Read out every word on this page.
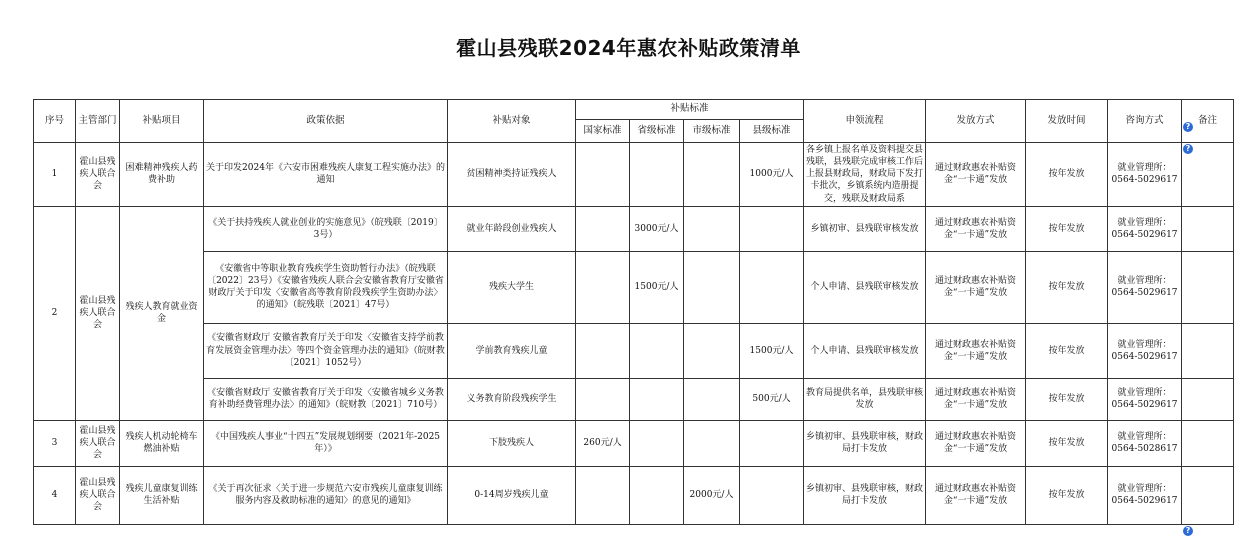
霍山县残联2024年惠农补贴政策清单
序号	主管部门	补贴项目	政策依据	补贴对象	补贴标准				申领流程	发放方式	发放时间	咨询方式	备注
					国家标准	省级标准	市级标准	县级标准					
1	霍山县残疾人联合会	困难精神残疾人药费补助	关于印发2024年《六安市困难残疾人康复工程实施办法》的通知	贫困精神类持证残疾人				1000元/人	各乡镇上报名单及资料提交县残联，县残联完成审核工作后上报县财政局，财政局下发打卡批次，乡镇系统内造册提交，残联及财政局系	通过财政惠农补贴资金“一卡通”发放	按年发放	就业管理所：0564-5029617	
2	霍山县残疾人联合会	残疾人教育就业资金	《关于扶持残疾人就业创业的实施意见》（皖残联〔2019〕3号）	就业年龄段创业残疾人		3000元/人			乡镇初审、县残联审核发放	通过财政惠农补贴资金“一卡通”发放	按年发放	就业管理所：0564-5029617	
			《安徽省中等职业教育残疾学生资助暂行办法》（皖残联〔2022〕23号）《安徽省残疾人联合会安徽省教育厅安徽省财政厅关于印发〈安徽省高等教育阶段残疾学生资助办法〉的通知》（皖残联〔2021〕47号）	残疾大学生		1500元/人			个人申请、县残联审核发放	通过财政惠农补贴资金“一卡通”发放	按年发放	就业管理所：0564-5029617	
			《安徽省财政厅 安徽省教育厅关于印发〈安徽省支持学前教育发展资金管理办法〉等四个资金管理办法的通知》（皖财教〔2021〕1052号）	学前教育残疾儿童				1500元/人	个人申请、县残联审核发放	通过财政惠农补贴资金“一卡通”发放	按年发放	就业管理所：0564-5029617	
			《安徽省财政厅 安徽省教育厅关于印发〈安徽省城乡义务教育补助经费管理办法〉的通知》（皖财教〔2021〕710号）	义务教育阶段残疾学生				500元/人	教育局提供名单，县残联审核发放	通过财政惠农补贴资金“一卡通”发放	按年发放	就业管理所：0564-5029617	
3	霍山县残疾人联合会	残疾人机动轮椅车燃油补贴	《中国残疾人事业“十四五”发展规划纲要（2021年-2025年）》	下肢残疾人	260元/人				乡镇初审、县残联审核，财政局打卡发放	通过财政惠农补贴资金“一卡通”发放	按年发放	就业管理所：0564-5028617	
4	霍山县残疾人联合会	残疾儿童康复训练生活补贴	《关于再次征求〈关于进一步规范六安市残疾儿童康复训练服务内容及救助标准的通知〉的意见的通知》	0-14周岁残疾儿童			2000元/人		乡镇初审、县残联审核，财政局打卡发放	通过财政惠农补贴资金“一卡通”发放	按年发放	就业管理所：0564-5029617	
?
?
?
